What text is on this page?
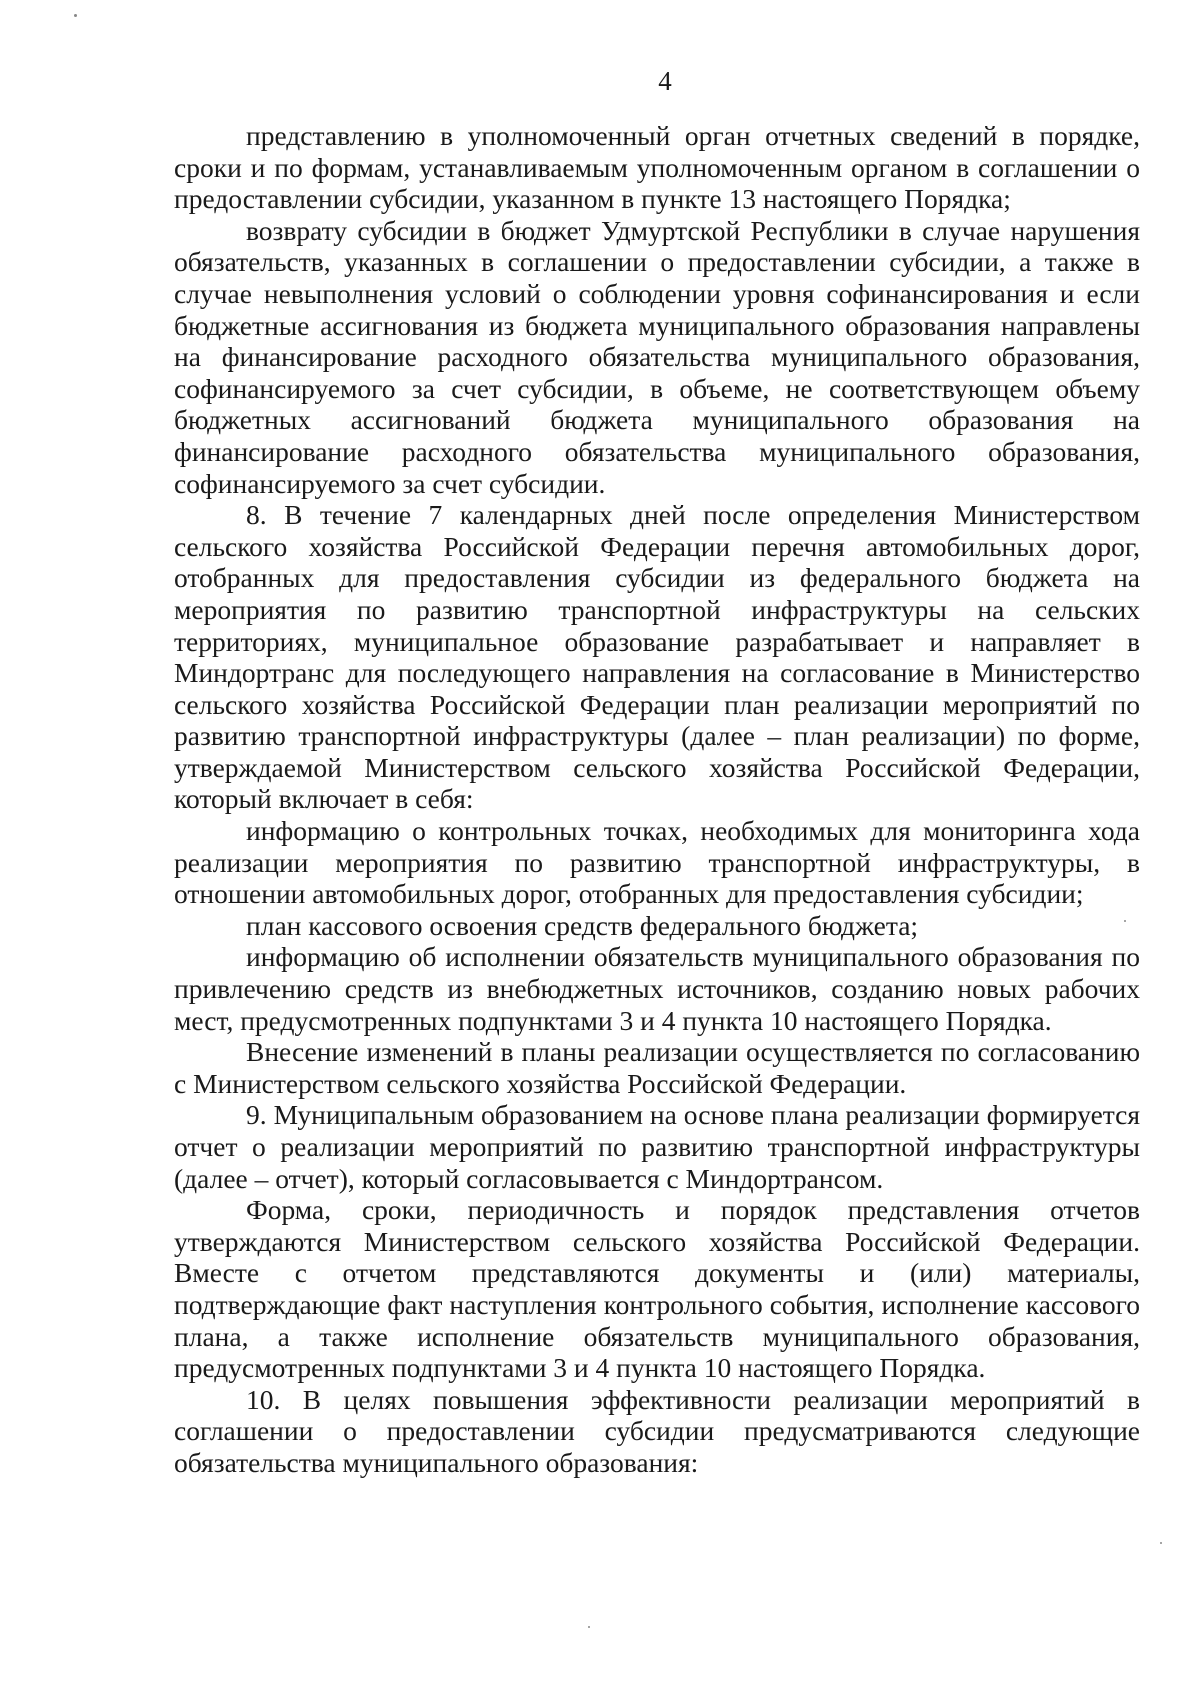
4

представлению в уполномоченный орган отчетных сведений в порядке, сроки и по формам, устанавливаемым уполномоченным органом в соглашении о предоставлении субсидии, указанном в пункте 13 настоящего Порядка;

возврату субсидии в бюджет Удмуртской Республики в случае нарушения обязательств, указанных в соглашении о предоставлении субсидии, а также в случае невыполнения условий о соблюдении уровня софинансирования и если бюджетные ассигнования из бюджета муниципального образования направлены на финансирование расходного обязательства муниципального образования, софинансируемого за счет субсидии, в объеме, не соответствующем объему бюджетных ассигнований бюджета муниципального образования на финансирование расходного обязательства муниципального образования, софинансируемого за счет субсидии.

8. В течение 7 календарных дней после определения Министерством сельского хозяйства Российской Федерации перечня автомобильных дорог, отобранных для предоставления субсидии из федерального бюджета на мероприятия по развитию транспортной инфраструктуры на сельских территориях, муниципальное образование разрабатывает и направляет в Миндортранс для последующего направления на согласование в Министерство сельского хозяйства Российской Федерации план реализации мероприятий по развитию транспортной инфраструктуры (далее – план реализации) по форме, утверждаемой Министерством сельского хозяйства Российской Федерации, который включает в себя:

информацию о контрольных точках, необходимых для мониторинга хода реализации мероприятия по развитию транспортной инфраструктуры, в отношении автомобильных дорог, отобранных для предоставления субсидии;

план кассового освоения средств федерального бюджета;

информацию об исполнении обязательств муниципального образования по привлечению средств из внебюджетных источников, созданию новых рабочих мест, предусмотренных подпунктами 3 и 4 пункта 10 настоящего Порядка.

Внесение изменений в планы реализации осуществляется по согласованию с Министерством сельского хозяйства Российской Федерации.

9. Муниципальным образованием на основе плана реализации формируется отчет о реализации мероприятий по развитию транспортной инфраструктуры (далее – отчет), который согласовывается с Миндортрансом.

Форма, сроки, периодичность и порядок представления отчетов утверждаются Министерством сельского хозяйства Российской Федерации. Вместе с отчетом представляются документы и (или) материалы, подтверждающие факт наступления контрольного события, исполнение кассового плана, а также исполнение обязательств муниципального образования, предусмотренных подпунктами 3 и 4 пункта 10 настоящего Порядка.

10. В целях повышения эффективности реализации мероприятий в соглашении о предоставлении субсидии предусматриваются следующие обязательства муниципального образования:
